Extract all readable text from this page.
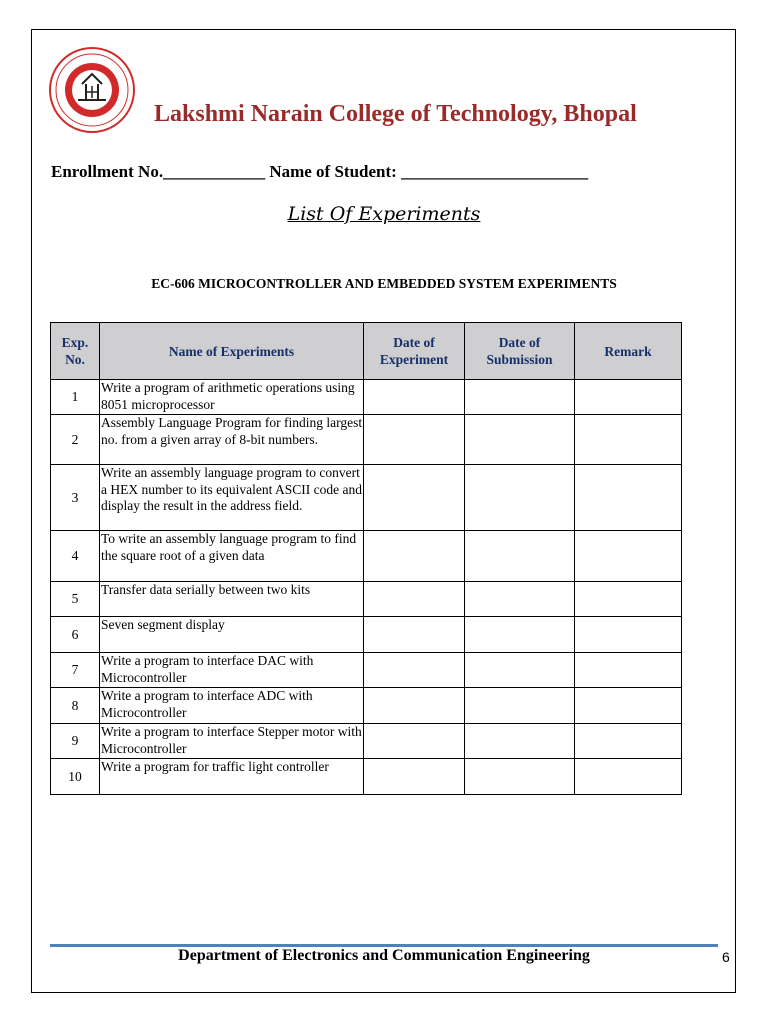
Lakshmi Narain College of Technology, Bhopal
Enrollment No.____________ Name of Student: ______________________
List Of Experiments
EC-606 MICROCONTROLLER AND EMBEDDED SYSTEM EXPERIMENTS
Exp. No.	Name of Experiments	Date of Experiment	Date of Submission	Remark
1	Write a program of arithmetic operations using 8051 microprocessor			
2	Assembly Language Program for finding largest no. from a given array of 8-bit numbers.			
3	Write an assembly language program to convert a HEX number to its equivalent ASCII code and display the result in the address field.			
4	To write an assembly language program to find the square root of a given data			
5	Transfer data serially between two kits			
6	Seven segment display			
7	Write a program to interface DAC with Microcontroller			
8	Write a program to interface ADC with Microcontroller			
9	Write a program to interface Stepper motor with Microcontroller			
10	Write a program for traffic light controller			
Department of Electronics and Communication Engineering	6
